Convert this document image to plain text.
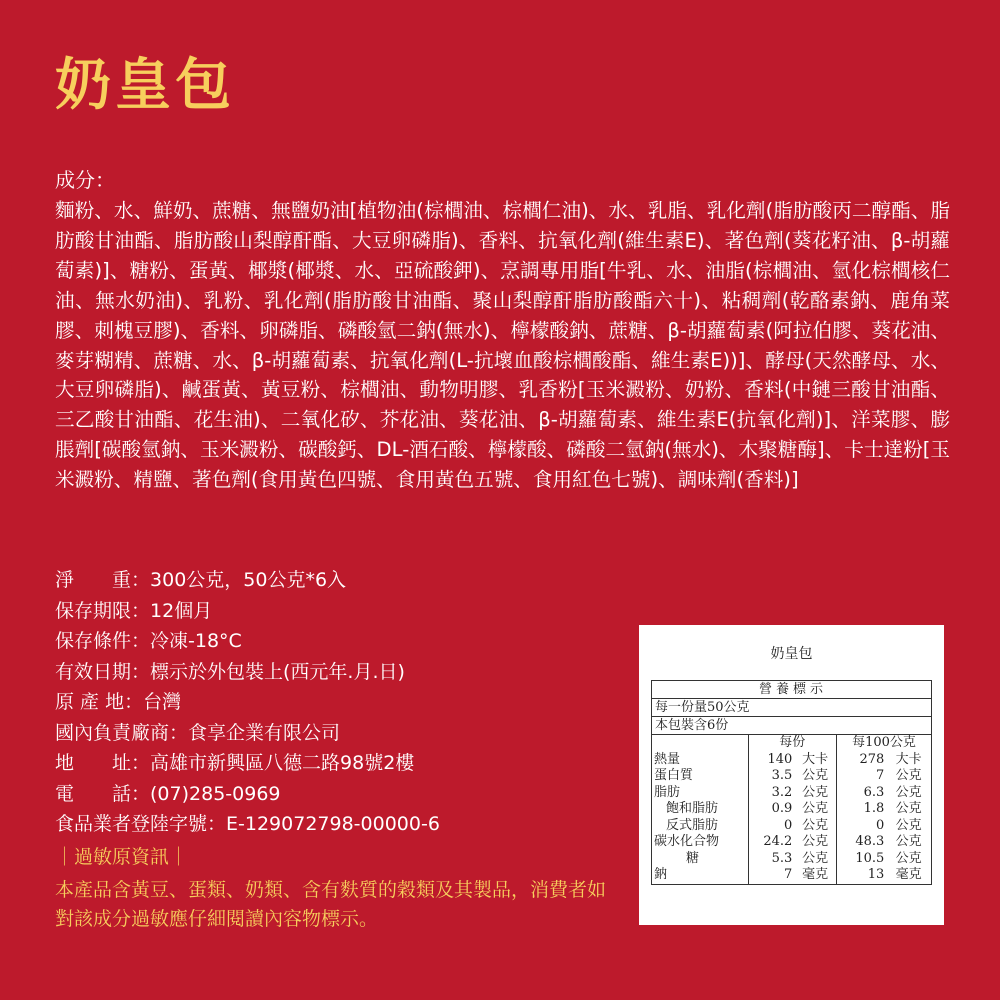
奶皇包
成分：
麵粉、水、鮮奶、蔗糖、無鹽奶油[植物油(棕櫚油、棕櫚仁油)、水、乳脂、乳化劑(脂肪酸丙二醇酯、脂肪酸甘油酯、脂肪酸山梨醇酐酯、大豆卵磷脂)、香料、抗氧化劑(維生素E)、著色劑(葵花籽油、β-胡蘿蔔素)]、糖粉、蛋黃、椰漿(椰漿、水、亞硫酸鉀)、烹調專用脂[牛乳、水、油脂(棕櫚油、氫化棕櫚核仁油、無水奶油)、乳粉、乳化劑(脂肪酸甘油酯、聚山梨醇酐脂肪酸酯六十)、粘稠劑(乾酪素鈉、鹿角菜膠、刺槐豆膠)、香料、卵磷脂、磷酸氫二鈉(無水)、檸檬酸鈉、蔗糖、β-胡蘿蔔素(阿拉伯膠、葵花油、麥芽糊精、蔗糖、水、β-胡蘿蔔素、抗氧化劑(L-抗壞血酸棕櫚酸酯、維生素E))]、酵母(天然酵母、水、大豆卵磷脂)、鹹蛋黃、黃豆粉、棕櫚油、動物明膠、乳香粉[玉米澱粉、奶粉、香料(中鏈三酸甘油酯、三乙酸甘油酯、花生油)、二氧化矽、芥花油、葵花油、β-胡蘿蔔素、維生素E(抗氧化劑)]、洋菜膠、膨脹劑[碳酸氫鈉、玉米澱粉、碳酸鈣、DL-酒石酸、檸檬酸、磷酸二氫鈉(無水)、木聚糖酶]、卡士達粉[玉米澱粉、精鹽、著色劑(食用黃色四號、食用黃色五號、食用紅色七號)、調味劑(香料)]
淨　　重：300公克，50公克*6入
保存期限：12個月
保存條件：冷凍-18°C
有效日期：標示於外包裝上(西元年.月.日)
原 產 地：台灣
國內負責廠商：食享企業有限公司
地　　址：高雄市新興區八德二路98號2樓
電　　話：(07)285-0969
食品業者登陸字號：E-129072798-00000-6
｜過敏原資訊｜
本產品含黃豆、蛋類、奶類、含有麩質的穀類及其製品，消費者如對該成分過敏應仔細閱讀內容物標示。
奶皇包
營養標示
每一份量50公克
本包裝含6份
	每份		每100公克	
熱量	140	大卡	278	大卡
蛋白質	3.5	公克	7	公克
脂肪	3.2	公克	6.3	公克
飽和脂肪	0.9	公克	1.8	公克
反式脂肪	0	公克	0	公克
碳水化合物	24.2	公克	48.3	公克
糖	5.3	公克	10.5	公克
鈉	7	毫克	13	毫克
